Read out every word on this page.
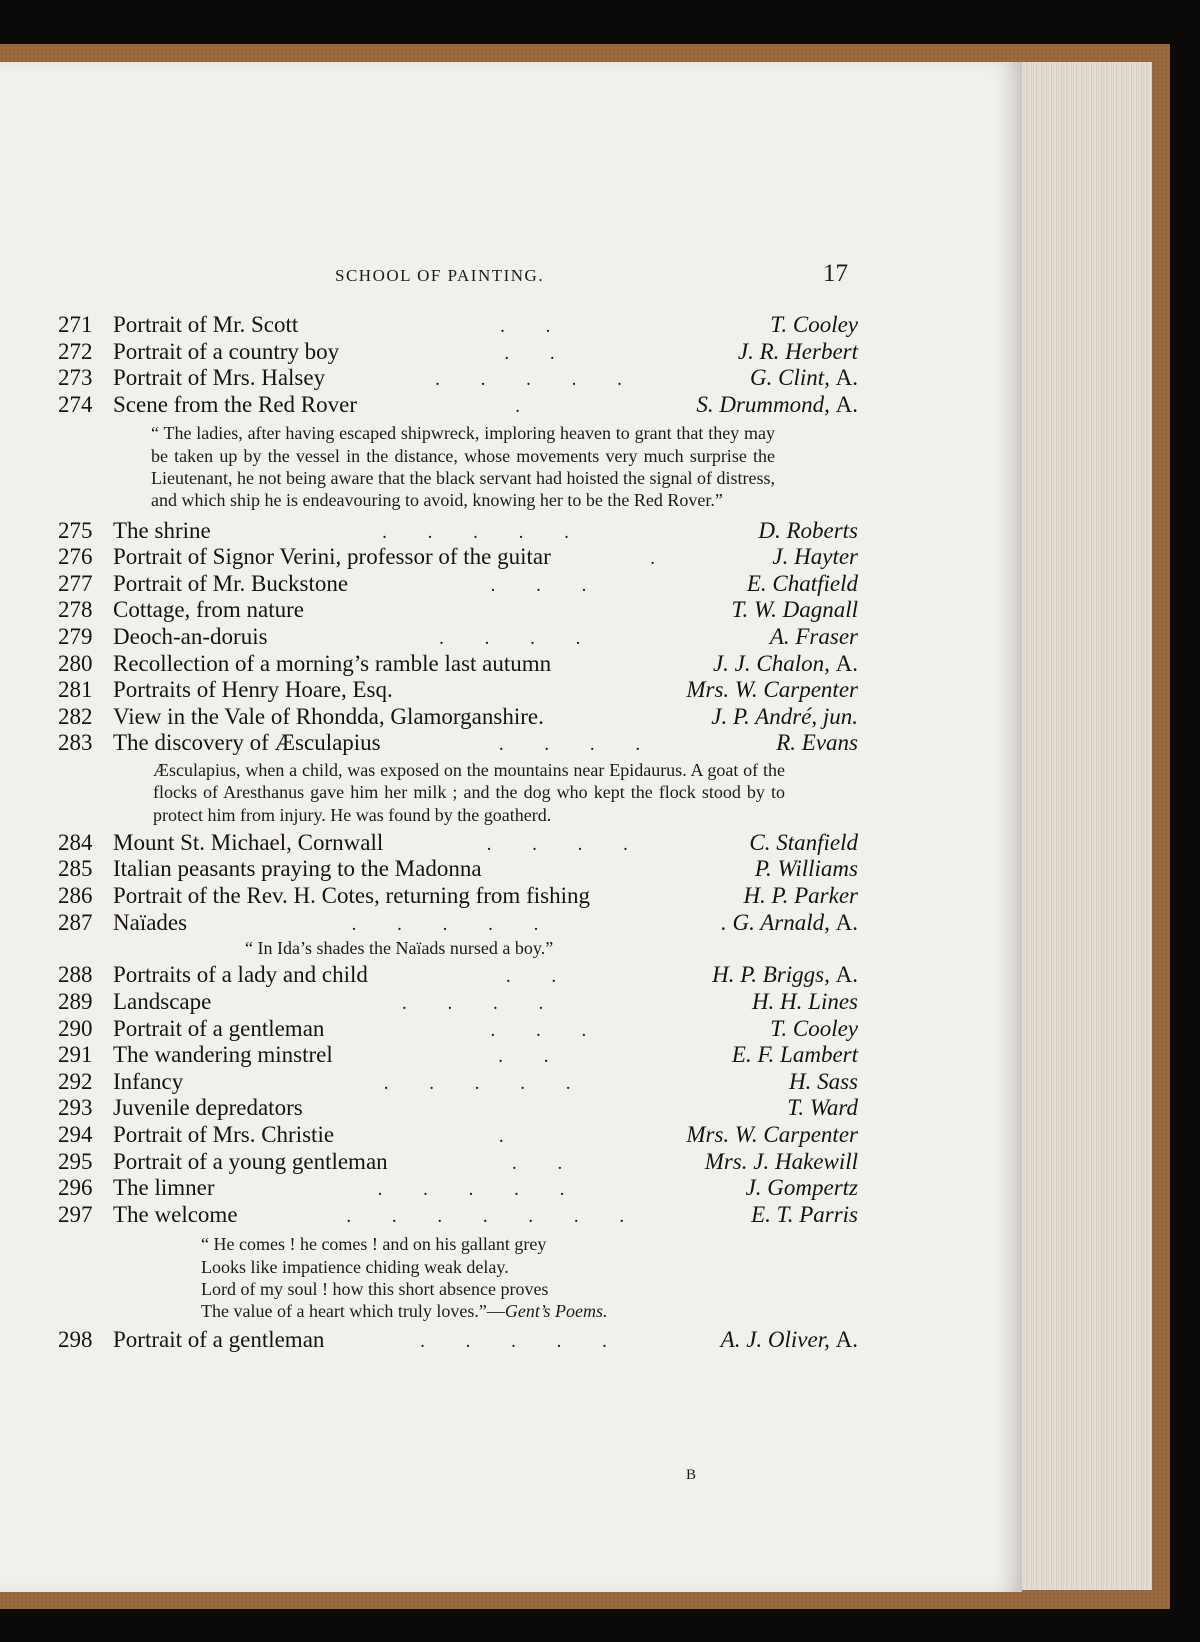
SCHOOL OF PAINTING.	17
271 Portrait of Mr. Scott	. .	T. Cooley
272 Portrait of a country boy	. .	J. R. Herbert
273 Portrait of Mrs. Halsey	. . . . .	G. Clint, A.
274 Scene from the Red Rover	.	S. Drummond, A.
“ The ladies, after having escaped shipwreck, imploring heaven to grant that they may be taken up by the vessel in the distance, whose movements very much surprise the Lieutenant, he not being aware that the black servant had hoisted the signal of distress, and which ship he is endeavouring to avoid, knowing her to be the Red Rover.”
275 The shrine	. . . . .	D. Roberts
276 Portrait of Signor Verini, professor of the guitar	.	J. Hayter
277 Portrait of Mr. Buckstone	. . .	E. Chatfield
278 Cottage, from nature	T. W. Dagnall
279 Deoch-an-doruis	. . . .	A. Fraser
280 Recollection of a morning’s ramble last autumn	J. J. Chalon, A.
281 Portraits of Henry Hoare, Esq.	Mrs. W. Carpenter
282 View in the Vale of Rhondda, Glamorganshire.	J. P. André, jun.
283 The discovery of Æsculapius	. . . .	R. Evans
Æsculapius, when a child, was exposed on the mountains near Epidaurus. A goat of the flocks of Aresthanus gave him her milk ; and the dog who kept the flock stood by to protect him from injury. He was found by the goatherd.
284 Mount St. Michael, Cornwall	. . . .	C. Stanfield
285 Italian peasants praying to the Madonna	P. Williams
286 Portrait of the Rev. H. Cotes, returning from fishing	H. P. Parker
287 Naïades	. . . . .	. G. Arnald, A.
“ In Ida’s shades the Naïads nursed a boy.”
288 Portraits of a lady and child	. .	H. P. Briggs, A.
289 Landscape	. . . .	H. H. Lines
290 Portrait of a gentleman	. . .	T. Cooley
291 The wandering minstrel	. .	E. F. Lambert
292 Infancy	. . . . .	H. Sass
293 Juvenile depredators	T. Ward
294 Portrait of Mrs. Christie	.	Mrs. W. Carpenter
295 Portrait of a young gentleman	. .	Mrs. J. Hakewill
296 The limner	. . . . .	J. Gompertz
297 The welcome	. . . . . . .	E. T. Parris
“ He comes ! he comes ! and on his gallant grey
Looks like impatience chiding weak delay.
Lord of my soul ! how this short absence proves
The value of a heart which truly loves.”—Gent’s Poems.
298 Portrait of a gentleman	. . . . .	A. J. Oliver, A.
B
